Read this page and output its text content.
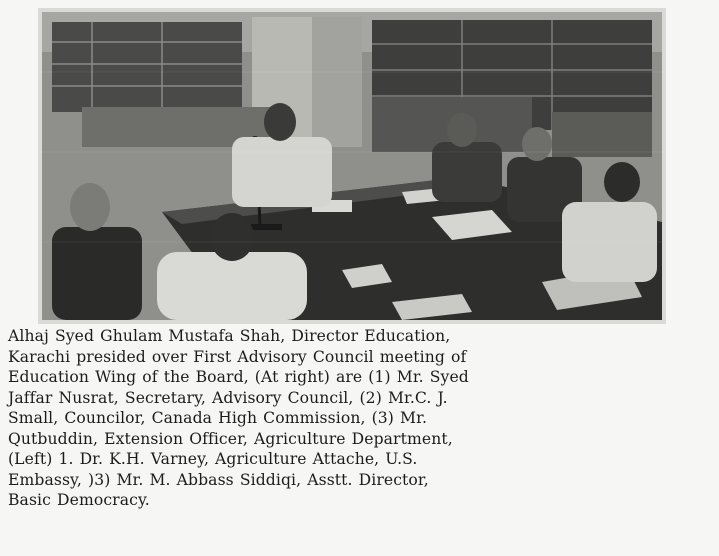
Alhaj Syed Ghulam Mustafa Shah, Director Education,
Karachi presided over First Advisory Council meeting of
Education Wing of the Board, (At right) are (1) Mr. Syed
Jaffar Nusrat, Secretary, Advisory Council, (2) Mr.C. J.
Small, Councilor, Canada High Commission, (3) Mr.
Qutbuddin, Extension Officer, Agriculture Department,
(Left) 1. Dr. K.H. Varney, Agriculture Attache, U.S.
Embassy, )3) Mr. M. Abbass Siddiqi, Asstt. Director,
Basic Democracy.
